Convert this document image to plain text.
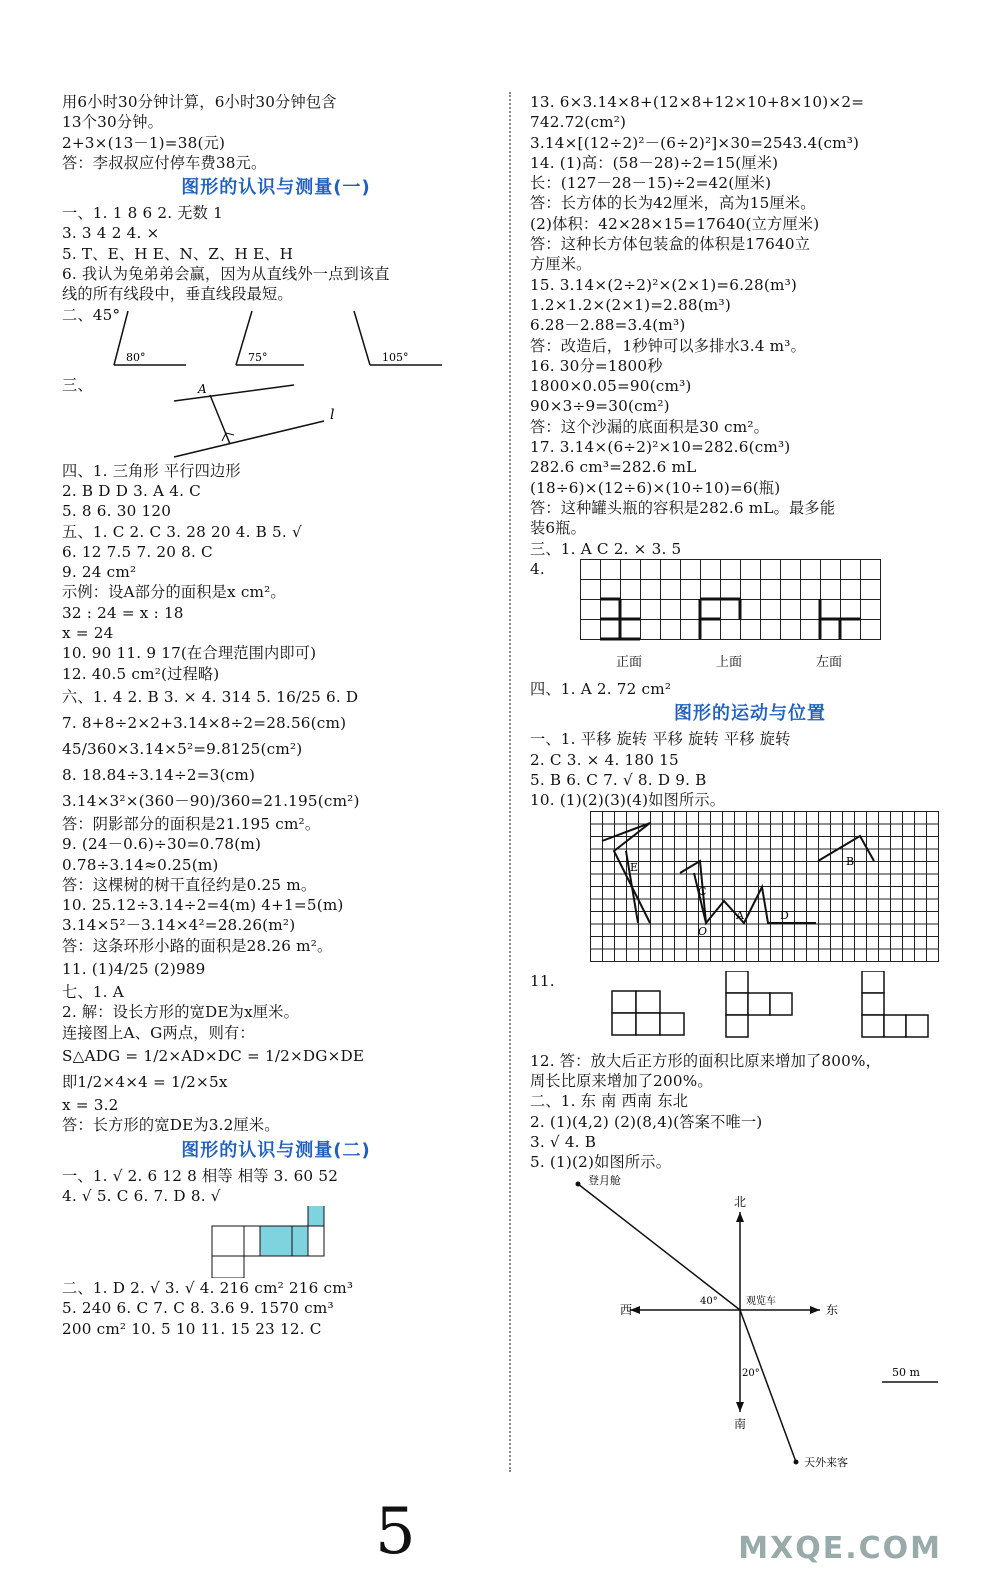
用6小时30分钟计算，6小时30分钟包含
13个30分钟。
2+3×(13－1)=38(元)
答：李叔叔应付停车费38元。
图形的认识与测量(一)
一、1. 1 8 6 2. 无数 1
3. 3 4 2 4. ×
5. T、E、H E、N、Z、H E、H
6. 我认为兔弟弟会赢，因为从直线外一点到该直
线的所有线段中，垂直线段最短。
二、45°
80°	75°	105°
三、	A
l
四、1. 三角形 平行四边形
2. B D D 3. A 4. C
5. 8 6. 30 120
五、1. C 2. C 3. 28 20 4. B 5. √
6. 12 7.5 7. 20 8. C
9. 24 cm²
示例：设A部分的面积是x cm²。
32 : 24 = x : 18
x = 24
10. 90 11. 9 17(在合理范围内即可)
12. 40.5 cm²(过程略)
六、1. 4 2. B 3. × 4. 314 5. 16/25 6. D
7. 8+8÷2×2+3.14×8÷2=28.56(cm)
45/360×3.14×5²=9.8125(cm²)
8. 18.84÷3.14÷2=3(cm)
3.14×3²×(360－90)/360=21.195(cm²)
答：阴影部分的面积是21.195 cm²。
9. (24－0.6)÷30=0.78(m)
0.78÷3.14≈0.25(m)
答：这棵树的树干直径约是0.25 m。
10. 25.12÷3.14÷2=4(m) 4+1=5(m)
3.14×5²－3.14×4²=28.26(m²)
答：这条环形小路的面积是28.26 m²。
11. (1)4/25 (2)989
七、1. A
2. 解：设长方形的宽DE为x厘米。
连接图上A、G两点，则有：
S△ADG = 1/2×AD×DC = 1/2×DG×DE
即1/2×4×4 = 1/2×5x
x = 3.2
答：长方形的宽DE为3.2厘米。
图形的认识与测量(二)
一、1. √ 2. 6 12 8 相等 相等 3. 60 52
4. √ 5. C 6. 7. D 8. √
二、1. D 2. √ 3. √ 4. 216 cm² 216 cm³
5. 240 6. C 7. C 8. 3.6 9. 1570 cm³
200 cm² 10. 5 10 11. 15 23 12. C
13. 6×3.14×8+(12×8+12×10+8×10)×2=
742.72(cm²)
3.14×[(12÷2)²－(6÷2)²]×30=2543.4(cm³)
14. (1)高：(58－28)÷2=15(厘米)
长：(127－28－15)÷2=42(厘米)
答：长方体的长为42厘米，高为15厘米。
(2)体积：42×28×15=17640(立方厘米)
答：这种长方体包装盒的体积是17640立
方厘米。
15. 3.14×(2÷2)²×(2×1)=6.28(m³)
1.2×1.2×(2×1)=2.88(m³)
6.28－2.88=3.4(m³)
答：改造后，1秒钟可以多排水3.4 m³。
16. 30分=1800秒
1800×0.05=90(cm³)
90×3÷9=30(cm²)
答：这个沙漏的底面积是30 cm²。
17. 3.14×(6÷2)²×10=282.6(cm³)
282.6 cm³=282.6 mL
(18÷6)×(12÷6)×(10÷10)=6(瓶)
答：这种罐头瓶的容积是282.6 mL。最多能
装6瓶。
三、1. A C 2. × 3. 5
4.
正面	上面	左面
四、1. A 2. 72 cm²
图形的运动与位置
一、1. 平移 旋转 平移 旋转 平移 旋转
2. C 3. × 4. 180 15
5. B 6. C 7. √ 8. D 9. B
10. (1)(2)(3)(4)如图所示。
E	B
C
A	D
O
11.
12. 答：放大后正方形的面积比原来增加了800%，
周长比原来增加了200%。
二、1. 东 南 西南 东北
2. (1)(4,2) (2)(8,4)(答案不唯一)
3. √ 4. B
5. (1)(2)如图所示。
登月舱
北
南
东
西
观览车
40°
20°	50 m
天外来客
5	MXQE.COM
